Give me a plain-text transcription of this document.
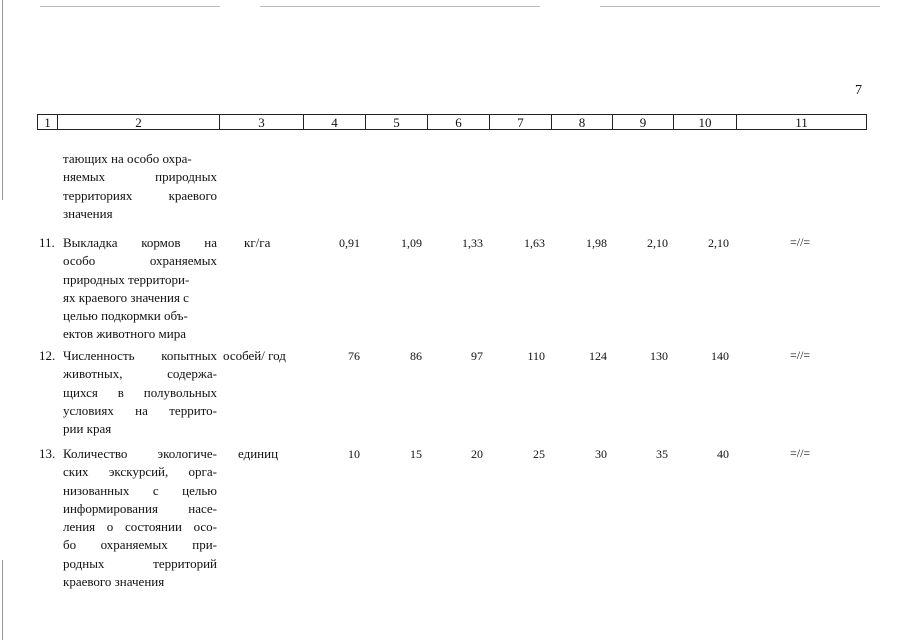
7
1	2	3	4	5	6	7	8	9	10	11
тающих на особо охра-
няемых природных
территориях краевого
значения
11. Выкладка кормов на
особо охраняемых
природных территори-
ях краевого значения с
целью подкормки объ-
ектов животного мира
кг/га	0,91	1,09	1,33	1,63	1,98	2,10	2,10	=//=
12. Численность копытных
животных, содержа-
щихся в полувольных
условиях на террито-
рии края
особей/ год	76	86	97	110	124	130	140	=//=
13. Количество экологиче-
ских экскурсий, орга-
низованных с целью
информирования насе-
ления о состоянии осо-
бо охраняемых при-
родных территорий
краевого значения
единиц	10	15	20	25	30	35	40	=//=
